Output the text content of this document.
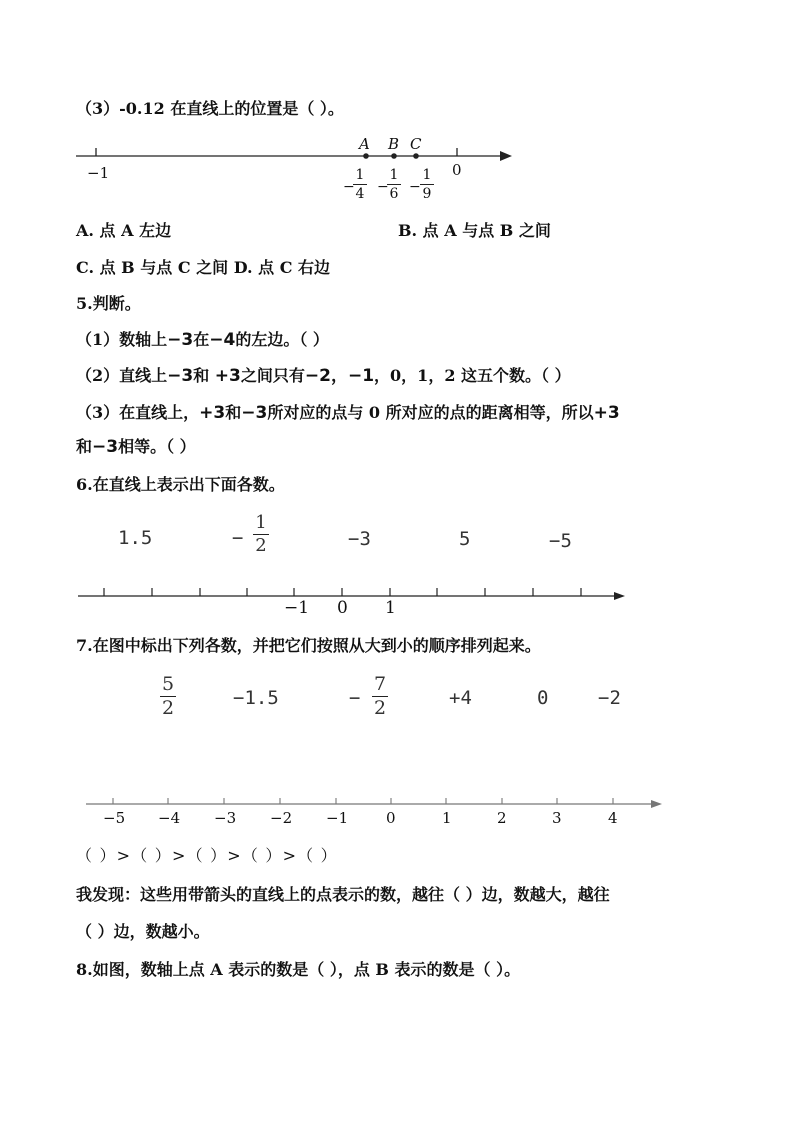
（3）-0.12 在直线上的位置是（ ）。
−1	0
A B C
−
1
4 −
1
6 −
1
9
A. 点 A 左边	B. 点 A 与点 B 之间
C. 点 B 与点 C 之间 D. 点 C 右边
5.判断。
（1）数轴上−3在−4的左边。（ ）
（2）直线上−3和 +3之间只有−2，−1，0，1，2 这五个数。（ ）
（3）在直线上，+3和−3所对应的点与 0 所对应的点的距离相等，所以+3
和−3相等。（ ）
6.在直线上表示出下面各数。
1.5	−
1
2	−3	5	−5
−1 0 1
7.在图中标出下列各数，并把它们按照从大到小的顺序排列起来。
5
2	−1.5	−
7
2	+4	0	−2
−5 −4 −3 −2 −1	0	1	2	3	4
（ ）>（ ）>（ ）>（ ）>（ ）
我发现：这些用带箭头的直线上的点表示的数，越往（ ）边，数越大，越往
（ ）边，数越小。
8.如图，数轴上点 A 表示的数是（ ），点 B 表示的数是（ ）。
